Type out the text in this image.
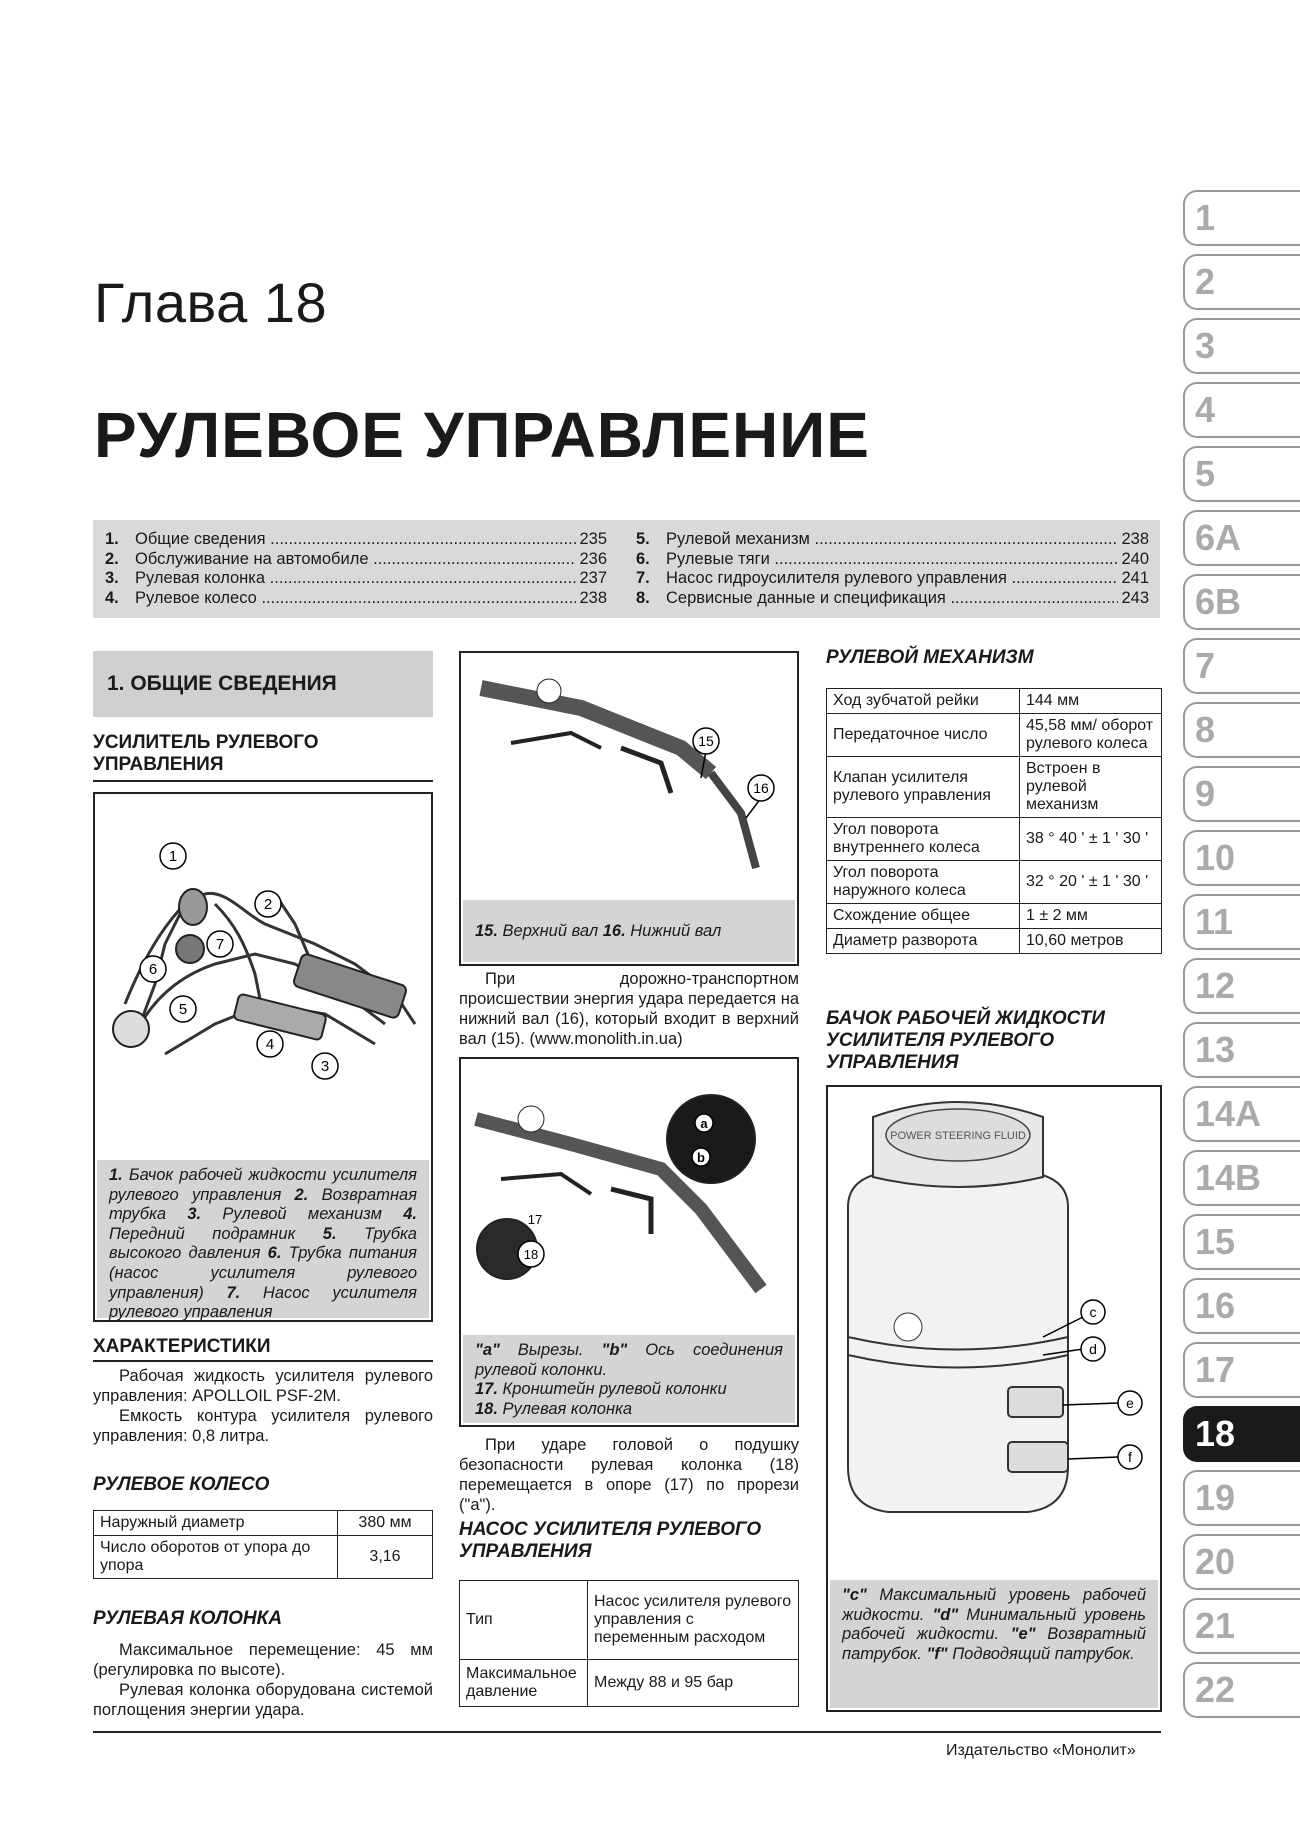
Глава 18
РУЛЕВОЕ УПРАВЛЕНИЕ
1. Общие сведения .....	235
2. Обслуживание на автомобиле .....	236
3. Рулевая колонка .....	237
4. Рулевое колесо .....	238
5. Рулевой механизм .....	238
6. Рулевые тяги .....	240
7. Насос гидроусилителя рулевого управления .....	241
8. Сервисные данные и спецификация .....	243
1. ОБЩИЕ СВЕДЕНИЯ
УСИЛИТЕЛЬ РУЛЕВОГО УПРАВЛЕНИЯ
1
2
3
4
5
6
7
1. Бачок рабочей жидкости усилителя рулевого управления 2. Возвратная трубка 3. Рулевой механизм 4. Передний подрамник 5. Трубка высокого давления 6. Трубка питания (насос усилителя рулевого управления) 7. Насос усилителя рулевого управления
ХАРАКТЕРИСТИКИ

Рабочая жидкость усилителя рулевого управления: APOLLOIL PSF-2M.

Емкость контура усилителя рулевого управления: 0,8 литра.

РУЛЕВОЕ КОЛЕСО
Наружный диаметр	380 мм
Число оборотов от упора до упора	3,16
РУЛЕВАЯ КОЛОНКА

Максимальное перемещение: 45 мм (регулировка по высоте).

Рулевая колонка оборудована системой поглощения энергии удара.

15
16
15. Верхний вал 16. Нижний вал

При дорожно-транспортном происшествии энергия удара передается на нижний вал (16), который входит в верхний вал (15). (www.monolith.in.ua)

a
b
18
17
"a" Вырезы. "b" Ось соединения рулевой колонки.
17. Кронштейн рулевой колонки
18. Рулевая колонка

При ударе головой о подушку безопасности рулевая колонка (18) перемещается в опоре (17) по прорези ("a").

НАСОС УСИЛИТЕЛЯ РУЛЕВОГО УПРАВЛЕНИЯ
Тип	Насос усилителя рулевого управления с переменным расходом
Максимальное давление	Между 88 и 95 бар
РУЛЕВОЙ МЕХАНИЗМ
Ход зубчатой рейки	144 мм
Передаточное число	45,58 мм/ оборот рулевого колеса
Клапан усилителя рулевого управления	Встроен в рулевой механизм
Угол поворота внутреннего колеса	38 ° 40 ' ± 1 ' 30 '
Угол поворота наружного колеса	32 ° 20 ' ± 1 ' 30 '
Схождение общее	1 ± 2 мм
Диаметр разворота	10,60 метров
БАЧОК РАБОЧЕЙ ЖИДКОСТИ УСИЛИТЕЛЯ РУЛЕВОГО УПРАВЛЕНИЯ
POWER STEERING FLUID
c
d
e
f
"c" Максимальный уровень рабочей жидкости. "d" Минимальный уровень рабочей жидкости. "e" Возвратный патрубок. "f" Подводящий патрубок.
1
2
3
4
5
6A
6B
7
8
9
10
11
12
13
14A
14B
15
16
17
18
19
20
21
22
Издательство «Монолит»
